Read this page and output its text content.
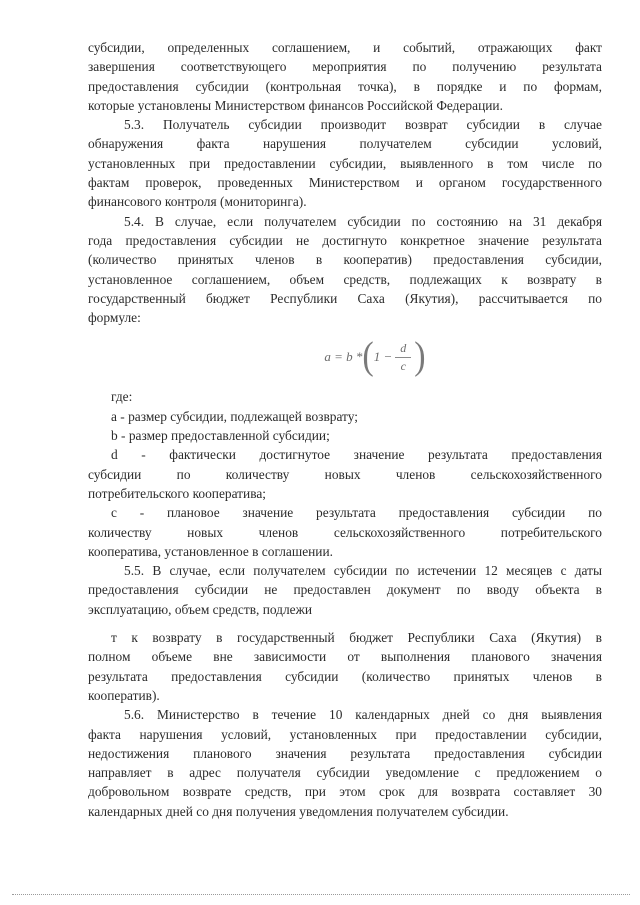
субсидии, определенных соглашением, и событий, отражающих факт
завершения соответствующего мероприятия по получению результата
предоставления субсидии (контрольная точка), в порядке и по формам,
которые установлены Министерством финансов Российской Федерации.
5.3. Получатель субсидии производит возврат субсидии в случае
обнаружения факта нарушения получателем субсидии условий,
установленных при предоставлении субсидии, выявленного в том числе по
фактам проверок, проведенных Министерством и органом государственного
финансового контроля (мониторинга).
5.4. В случае, если получателем субсидии по состоянию на 31 декабря
года предоставления субсидии не достигнуто конкретное значение результата
(количество принятых членов в кооператив) предоставления субсидии,
установленное соглашением, объем средств, подлежащих к возврату в
государственный бюджет Республики Саха (Якутия), рассчитывается по
формуле:
a = b * ( $1 - \frac{d}{c}$ )
где:
a - размер субсидии, подлежащей возврату;
b - размер предоставленной субсидии;
d - фактически достигнутое значение результата предоставления
субсидии по количеству новых членов сельскохозяйственного
потребительского кооператива;
c - плановое значение результата предоставления субсидии по
количеству новых членов сельскохозяйственного потребительского
кооператива, установленное в соглашении.
5.5. В случае, если получателем субсидии по истечении 12 месяцев с даты
предоставления субсидии не предоставлен документ по вводу объекта в
эксплуатацию, объем средств, подлежи
т к возврату в государственный бюджет Республики Саха (Якутия) в
полном объеме вне зависимости от выполнения планового значения
результата предоставления субсидии (количество принятых членов в
кооператив).
5.6. Министерство в течение 10 календарных дней со дня выявления
факта нарушения условий, установленных при предоставлении субсидии,
недостижения планового значения результата предоставления субсидии
направляет в адрес получателя субсидии уведомление с предложением о
добровольном возврате средств, при этом срок для возврата составляет 30
календарных дней со дня получения уведомления получателем субсидии.
